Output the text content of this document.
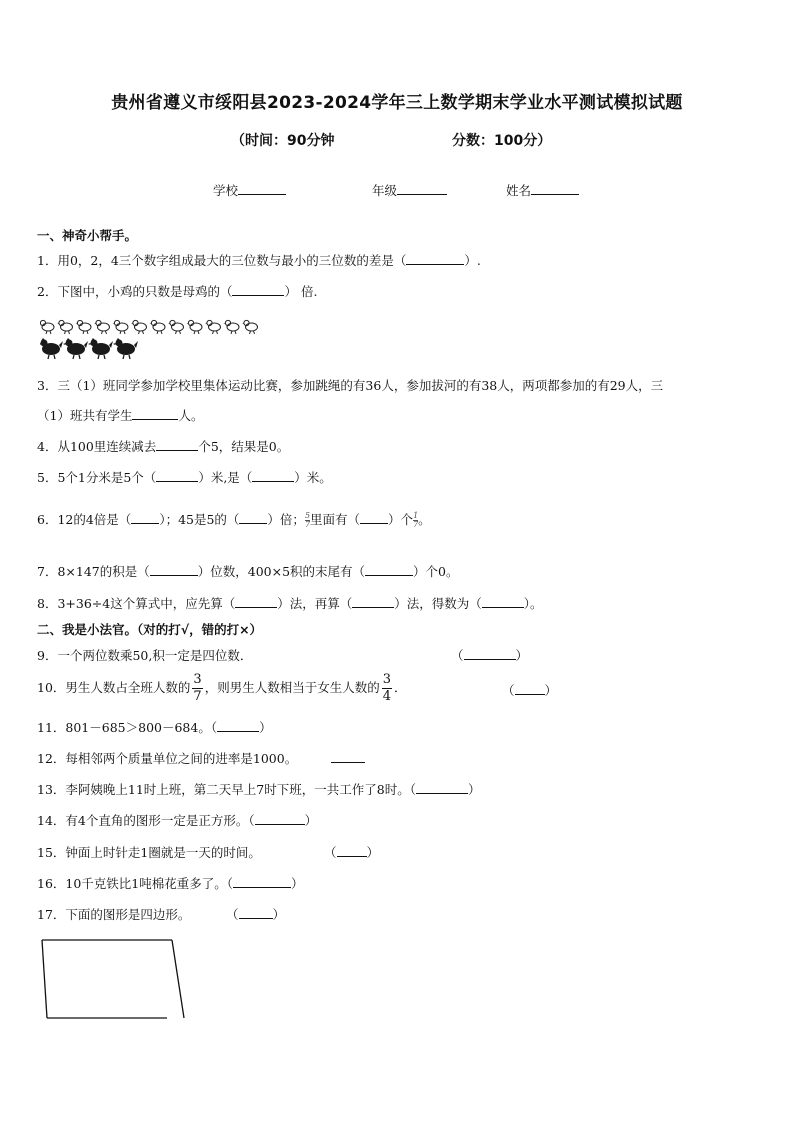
贵州省遵义市绥阳县2023-2024学年三上数学期末学业水平测试模拟试题
（时间：90分钟	分数：100分）
学校	年级	姓名
一、神奇小帮手。
1．用0，2，4三个数字组成最大的三位数与最小的三位数的差是（	）.
2．下图中，小鸡的只数是母鸡的（	） 倍.
3．三（1）班同学参加学校里集体运动比赛，参加跳绳的有36人，参加拔河的有38人，两项都参加的有29人，三
（1）班共有学生	人。
4．从100里连续减去	个5，结果是0。
5．5个1分米是5个（	）米,是（	）米。
6．12的4倍是（ ）；45是5的（ ）倍； $\frac{5}{7}$ 里面有（ ）个 $\frac{1}{7}$ 。
7．8×147的积是（	）位数，400×5积的末尾有（	）个0。
8．3+36÷4这个算式中，应先算（	）法，再算（	）法，得数为（	）。
二、我是小法官。（对的打√，错的打×）
9．一个两位数乘50,积一定是四位数．	（	）
10．男生人数占全班人数的 $\frac{3}{7}$ ，则男生人数相当于女生人数的 $\frac{3}{4}$ ．	（ ）
11．801－685＞800－684。（	）
12．每相邻两个质量单位之间的进率是1000。
13．李阿姨晚上11时上班，第二天早上7时下班，一共工作了8时。（	）
14．有4个直角的图形一定是正方形。（	）
15．钟面上时针走1圈就是一天的时间。	（ ）
16．10千克铁比1吨棉花重多了。（	）
17．下面的图形是四边形。	（	）
